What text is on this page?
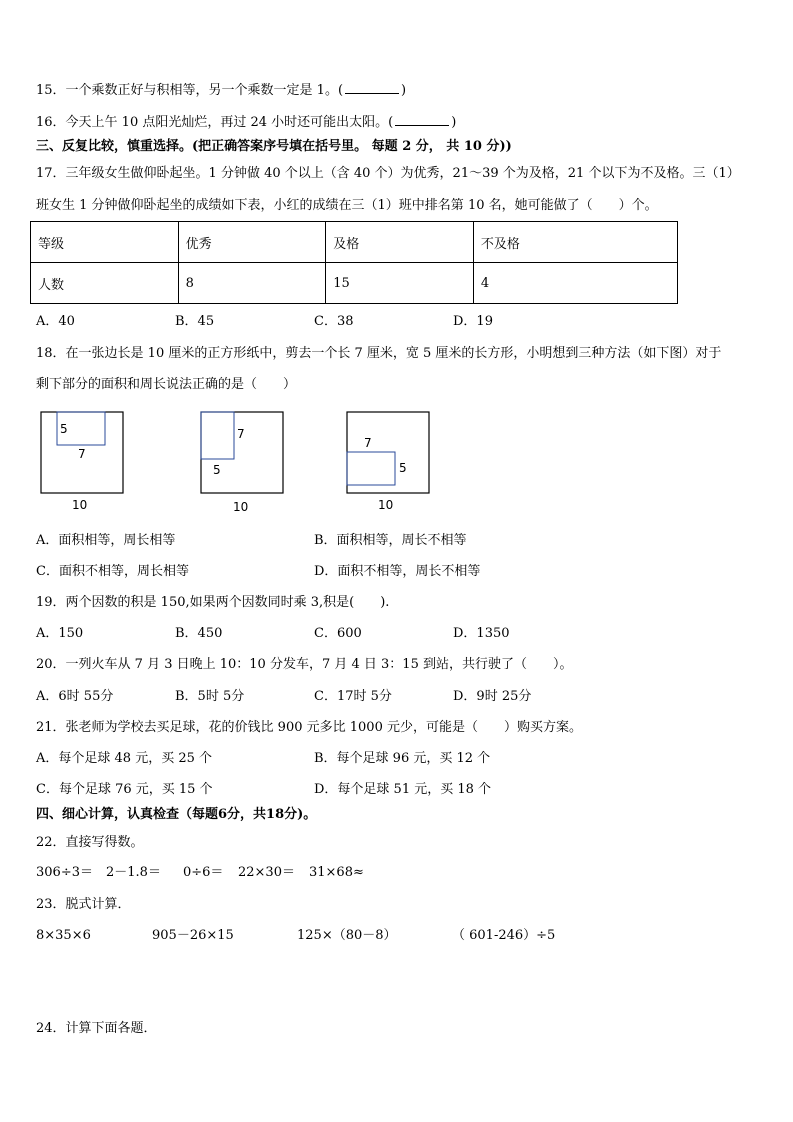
15．一个乘数正好与积相等，另一个乘数一定是 1。(	)
16．今天上午 10 点阳光灿烂，再过 24 小时还可能出太阳。(	)
三、反复比较，慎重选择。(把正确答案序号填在括号里。 每题 2 分， 共 10 分))
17．三年级女生做仰卧起坐。1 分钟做 40 个以上（含 40 个）为优秀，21～39 个为及格，21 个以下为不及格。三（1）
班女生 1 分钟做仰卧起坐的成绩如下表，小红的成绩在三（1）班中排名第 10 名，她可能做了（　　）个。
等级	优秀	及格	不及格
人数	8	15	4
A．40	B．45	C．38	D．19
18．在一张边长是 10 厘米的正方形纸中，剪去一个长 7 厘米，宽 5 厘米的长方形，小明想到三种方法（如下图）对于
剩下部分的面积和周长说法正确的是（　　）
5
7
10
7
5
10
7
5
10
A．面积相等，周长相等	B．面积相等，周长不相等
C．面积不相等，周长相等	D．面积不相等，周长不相等
19．两个因数的积是 150,如果两个因数同时乘 3,积是(　　).
A．150	B．450	C．600	D．1350
20．一列火车从 7 月 3 日晚上 10：10 分发车，7 月 4 日 3：15 到站，共行驶了（　　）。
A．6时 55分	B．5时 5分	C．17时 5分	D．9时 25分
21．张老师为学校去买足球，花的价钱比 900 元多比 1000 元少，可能是（　　）购买方案。
A．每个足球 48 元，买 25 个	B．每个足球 96 元，买 12 个
C．每个足球 76 元，买 15 个	D．每个足球 51 元，买 18 个
四、细心计算，认真检查（每题6分，共18分)。
22．直接写得数。
306÷3＝ 2－1.8＝ 0÷6＝ 22×30＝ 31×68≈
23．脱式计算．
8×35×6	905－26×15	125×（80－8）	（ 601-246）÷5
24．计算下面各题．
